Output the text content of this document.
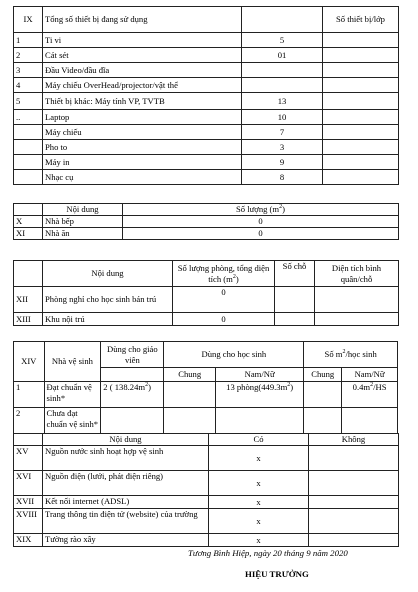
IX	Tổng số thiết bị đang sử dụng		Số thiết bị/lớp
1	Ti vi	5	
2	Cát sét	01	
3	Đầu Video/đầu đĩa		
4	Máy chiếu OverHead/projector/vật thể		
5	Thiết bị khác: Máy tính VP, TVTB	13	
..	Laptop	10	
	Máy chiếu	7	
	Pho to	3	
	Máy in	9	
	Nhạc cụ	8	
	Nội dung	Số lượng $(m^2)$
X	Nhà bếp	0
XI	Nhà ăn	0
	Nội dung	Số lượng phòng, tổng diện tích $(m^2)$	Số chỗ	Diện tích bình quân/chỗ
XII	Phòng nghỉ cho học sinh bán trú	0		
XIII	Khu nội trú	0		
XIV	Nhà vệ sinh	Dùng cho giáo viên	Dùng cho học sinh		Số $m^2$/học sinh	
			Chung	Nam/Nữ	Chung	Nam/Nữ
1	Đạt chuẩn vệ sinh*	2 ( $138.24m^2$)		13 $phòng(449.3m^2)$		$0.4m^2/HS$
2	Chưa đạt chuẩn vệ sinh*					
	Nội dung	Có	Không
XV	Nguồn nước sinh hoạt hợp vệ sinh	x	
XVI	Nguồn điện (lưới, phát điện riêng)	x	
XVII	Kết nối internet (ADSL)	x	
XVIII	Trang thông tin điện tử (website) của trường	x	
XIX	Tường rào xây	x	
Tương Bình Hiệp, ngày 20 tháng 9 năm 2020
HIỆU TRƯỞNG
